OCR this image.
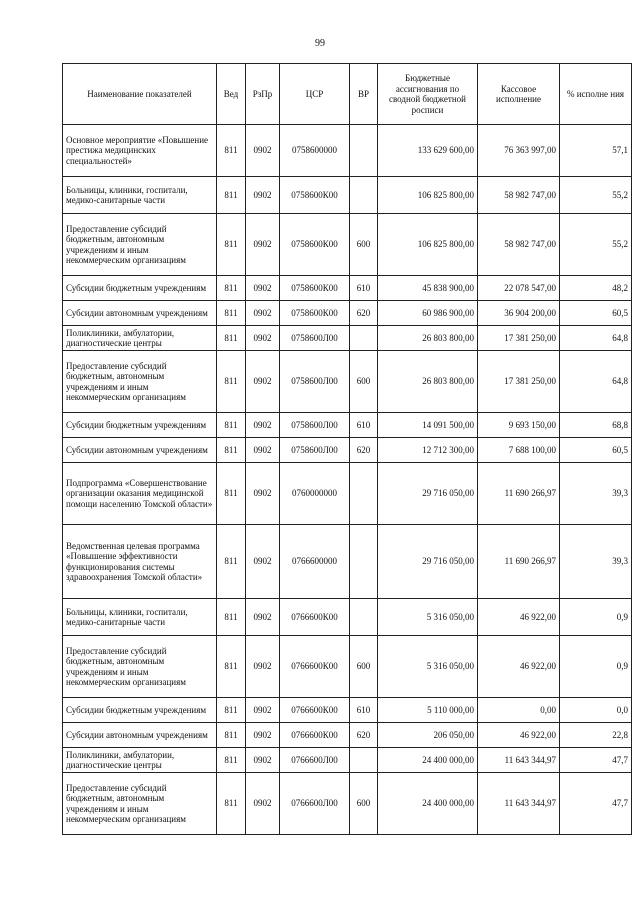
99
Наименование показателей	Вед	РзПр	ЦСР	ВР	Бюджетные ассигнования по сводной бюджетной росписи	Кассовое исполнение	% исполне ния
Основное мероприятие «Повышение престижа медицинских специальностей»	811	0902	0758600000		133 629 600,00	76 363 997,00	57,1
Больницы, клиники, госпитали, медико-санитарные части	811	0902	0758600К00		106 825 800,00	58 982 747,00	55,2
Предоставление субсидий бюджетным, автономным учреждениям и иным некоммерческим организациям	811	0902	0758600К00	600	106 825 800,00	58 982 747,00	55,2
Субсидии бюджетным учреждениям	811	0902	0758600К00	610	45 838 900,00	22 078 547,00	48,2
Субсидии автономным учреждениям	811	0902	0758600К00	620	60 986 900,00	36 904 200,00	60,5
Поликлиники, амбулатории, диагностические центры	811	0902	0758600Л00		26 803 800,00	17 381 250,00	64,8
Предоставление субсидий бюджетным, автономным учреждениям и иным некоммерческим организациям	811	0902	0758600Л00	600	26 803 800,00	17 381 250,00	64,8
Субсидии бюджетным учреждениям	811	0902	0758600Л00	610	14 091 500,00	9 693 150,00	68,8
Субсидии автономным учреждениям	811	0902	0758600Л00	620	12 712 300,00	7 688 100,00	60,5
Подпрограмма «Совершенствование организации оказания медицинской помощи населению Томской области»	811	0902	0760000000		29 716 050,00	11 690 266,97	39,3
Ведомственная целевая программа «Повышение эффективности функционирования системы здравоохранения Томской области»	811	0902	0766600000		29 716 050,00	11 690 266,97	39,3
Больницы, клиники, госпитали, медико-санитарные части	811	0902	0766600К00		5 316 050,00	46 922,00	0,9
Предоставление субсидий бюджетным, автономным учреждениям и иным некоммерческим организациям	811	0902	0766600К00	600	5 316 050,00	46 922,00	0,9
Субсидии бюджетным учреждениям	811	0902	0766600К00	610	5 110 000,00	0,00	0,0
Субсидии автономным учреждениям	811	0902	0766600К00	620	206 050,00	46 922,00	22,8
Поликлиники, амбулатории, диагностические центры	811	0902	0766600Л00		24 400 000,00	11 643 344,97	47,7
Предоставление субсидий бюджетным, автономным учреждениям и иным некоммерческим организациям	811	0902	0766600Л00	600	24 400 000,00	11 643 344,97	47,7
